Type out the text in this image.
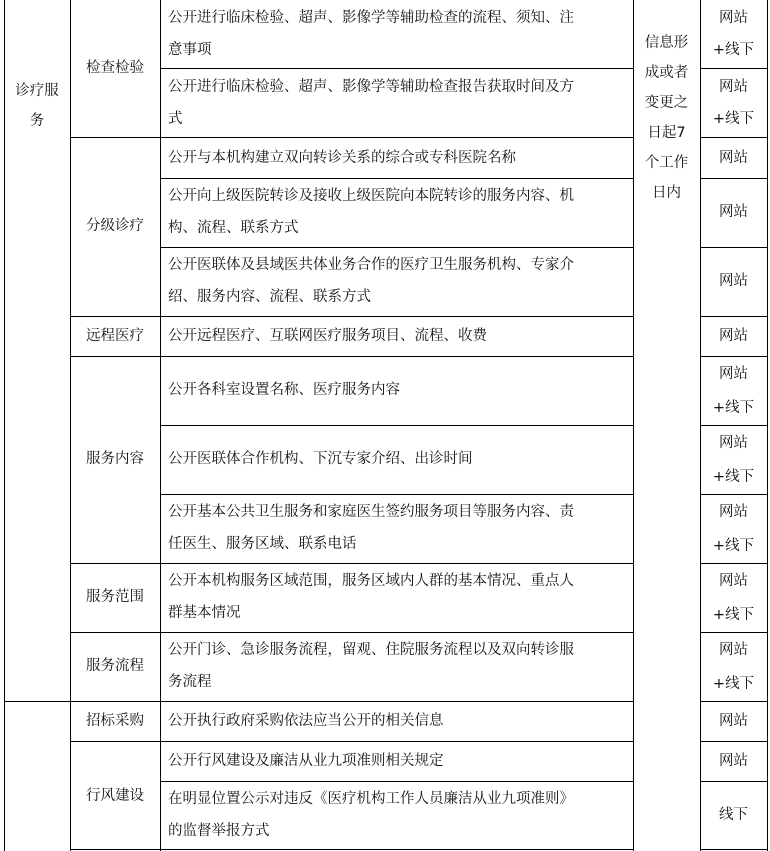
诊疗服
务
信息形
成或者
变更之
日起7
个工作
日内
检查检验
分级诊疗
远程医疗
服务内容
服务范围
服务流程
招标采购
行风建设
公开进行临床检验、超声、影像学等辅助检查的流程、须知、注
意事项
公开进行临床检验、超声、影像学等辅助检查报告获取时间及方
式
公开与本机构建立双向转诊关系的综合或专科医院名称
公开向上级医院转诊及接收上级医院向本院转诊的服务内容、机
构、流程、联系方式
公开医联体及县域医共体业务合作的医疗卫生服务机构、专家介
绍、服务内容、流程、联系方式
公开远程医疗、互联网医疗服务项目、流程、收费
公开各科室设置名称、医疗服务内容
公开医联体合作机构、下沉专家介绍、出诊时间
公开基本公共卫生服务和家庭医生签约服务项目等服务内容、责
任医生、服务区域、联系电话
公开本机构服务区域范围，服务区域内人群的基本情况、重点人
群基本情况
公开门诊、急诊服务流程，留观、住院服务流程以及双向转诊服
务流程
公开执行政府采购依法应当公开的相关信息
公开行风建设及廉洁从业九项准则相关规定
在明显位置公示对违反《医疗机构工作人员廉洁从业九项准则》
的监督举报方式
网站
+线下
网站
+线下
网站
网站
网站
网站
网站
+线下
网站
+线下
网站
+线下
网站
+线下
网站
+线下
网站
网站
线下
